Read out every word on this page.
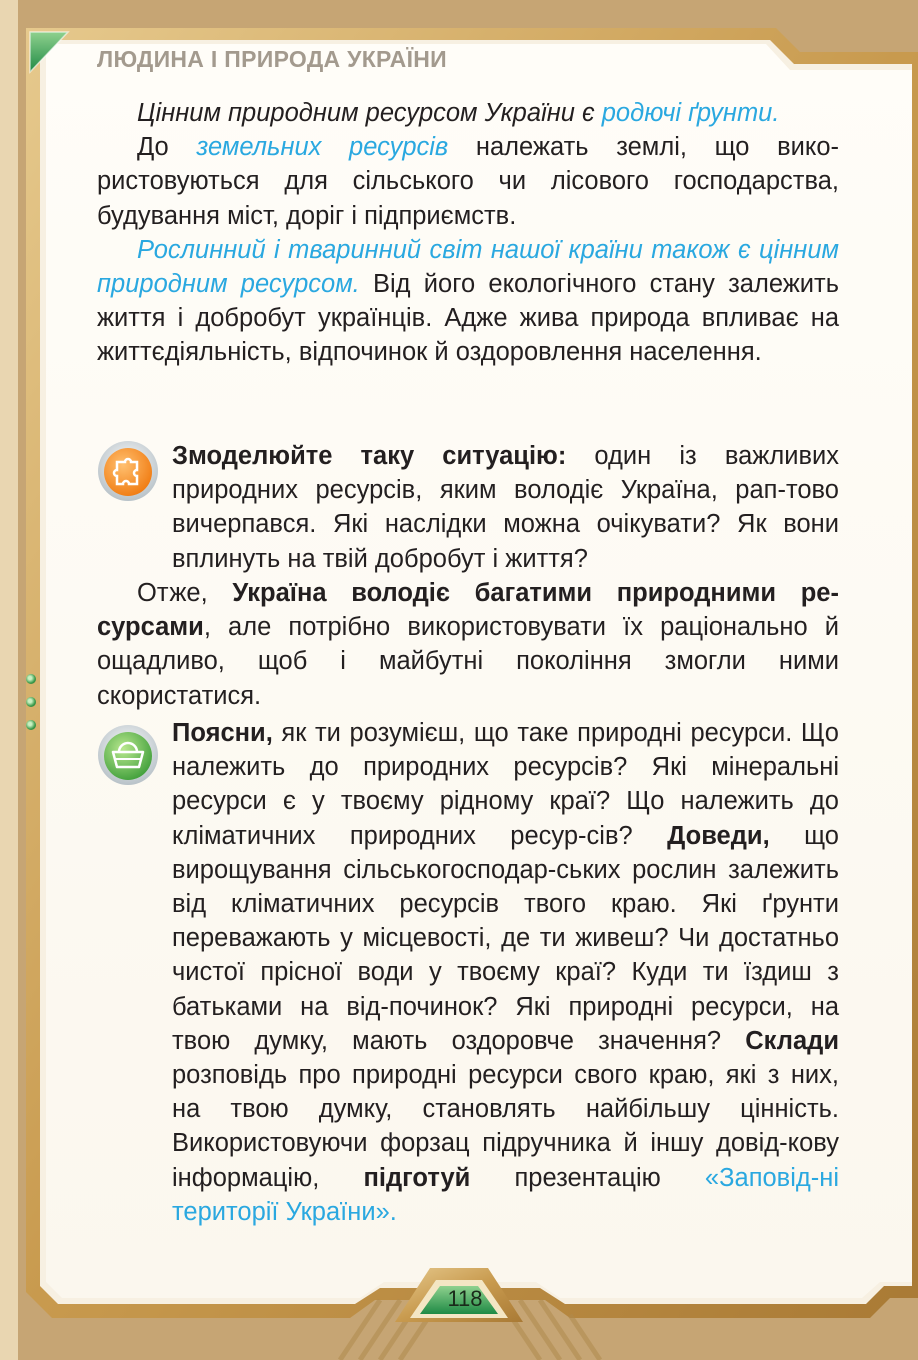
ЛЮДИНА І ПРИРОДА УКРАЇНИ

Цінним природним ресурсом України є родючі ґрунти.

До земельних ресурсів належать землі, що вико-ристовуються для сільського чи лісового господарства, будування міст, доріг і підприємств.

Рослинний і тваринний світ нашої країни також є цінним природним ресурсом. Від його екологічного стану залежить життя і добробут українців. Адже жива природа впливає на життєдіяльність, відпочинок й оздоровлення населення.

Змоделюйте таку ситуацію: один із важливих природних ресурсів, яким володіє Україна, рап-тово вичерпався. Які наслідки можна очікувати? Як вони вплинуть на твій добробут і життя?

Отже, Україна володіє багатими природними ре-сурсами, але потрібно використовувати їх раціонально й ощадливо, щоб і майбутні покоління змогли ними скористатися.

Поясни, як ти розумієш, що таке природні ресурси. Що належить до природних ресурсів? Які мінеральні ресурси є у твоєму рідному краї? Що належить до кліматичних природних ресур-сів? Доведи, що вирощування сільськогосподар-ських рослин залежить від кліматичних ресурсів твого краю. Які ґрунти переважають у місцевості, де ти живеш? Чи достатньо чистої прісної води у твоєму краї? Куди ти їздиш з батьками на від-починок? Які природні ресурси, на твою думку, мають оздоровче значення? Склади розповідь про природні ресурси свого краю, які з них, на твою думку, становлять найбільшу цінність. Використовуючи форзац підручника й іншу довід-кову інформацію, підготуй презентацію «Заповід-ні території України».

118
